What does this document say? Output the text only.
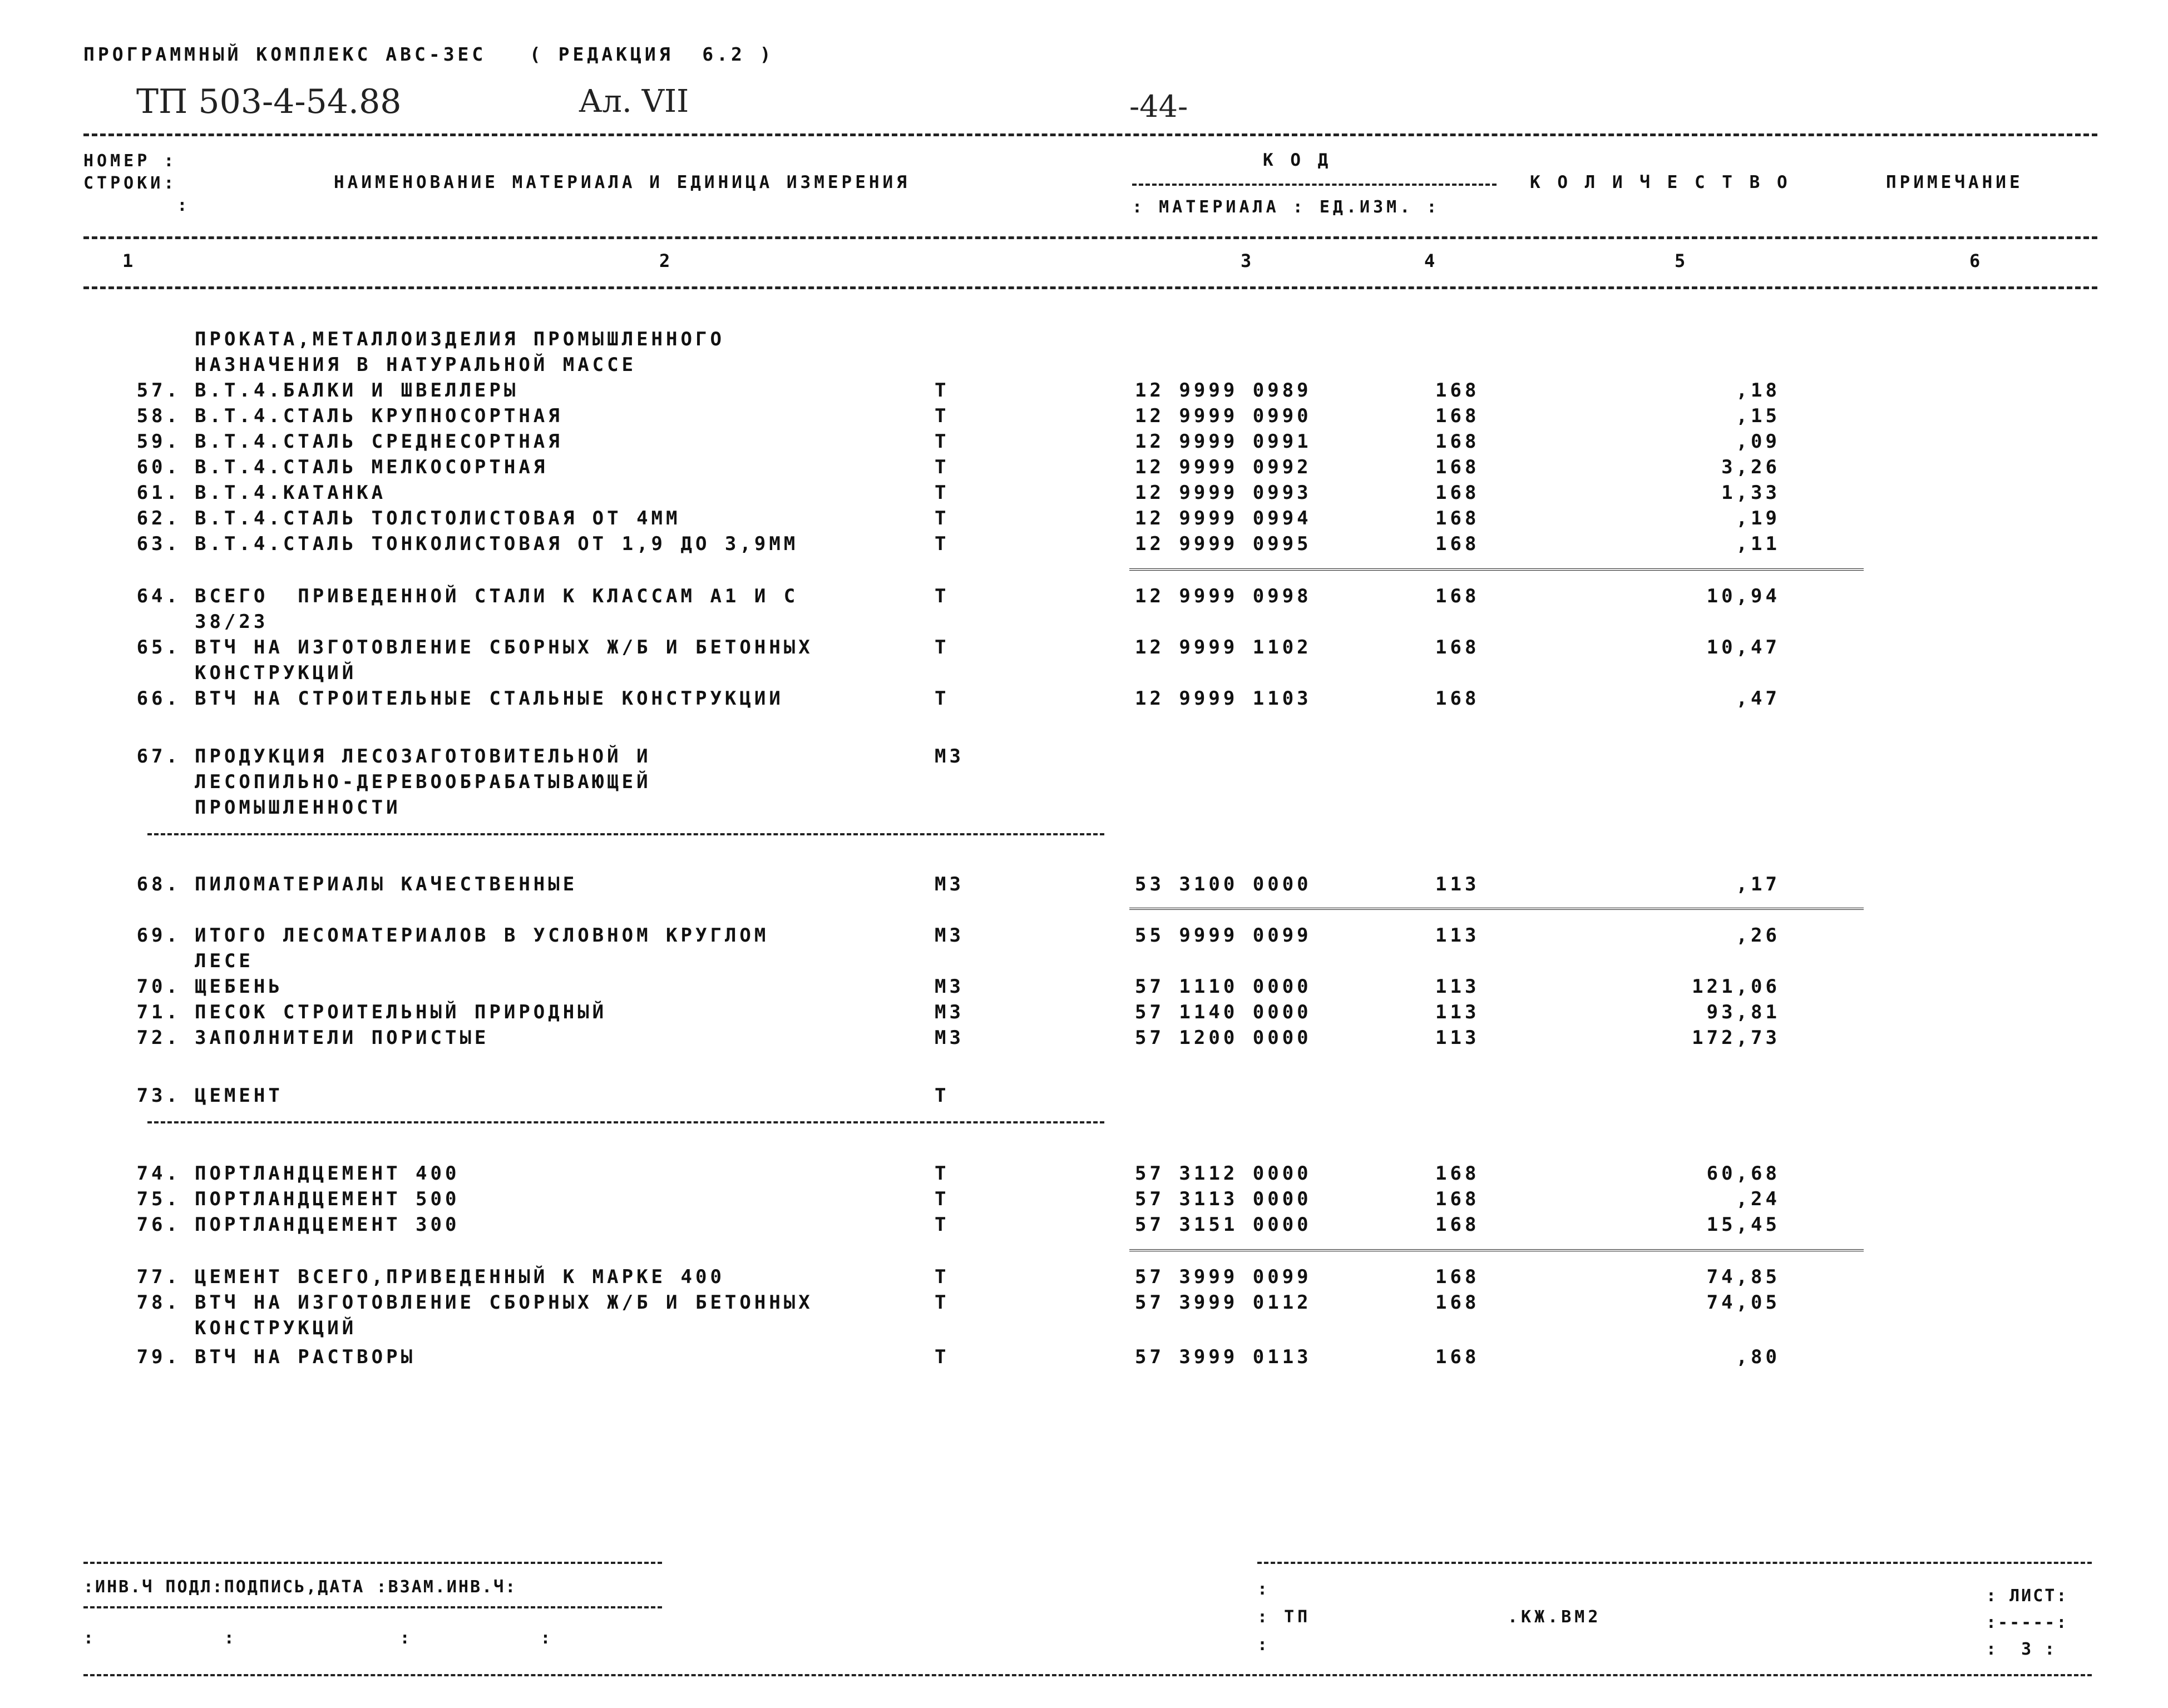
ПРОГРАММНЫЙ КОМПЛЕКС АВС-3ЕС   ( РЕДАКЦИЯ  6.2 )
ТП 503-4-54.88	Ал. VII	-44-
НОМЕР :
СТРОКИ:
:
НАИМЕНОВАНИЕ МАТЕРИАЛА И ЕДИНИЦА ИЗМЕРЕНИЯ
К О Д
: МАТЕРИАЛА : ЕД.ИЗМ. :
К О Л И Ч Е С Т В О	ПРИМЕЧАНИЕ
1	2	3	4	5	6
ПРОКАТА,МЕТАЛЛОИЗДЕЛИЯ ПРОМЫШЛЕННОГО
НАЗНАЧЕНИЯ В НАТУРАЛЬНОЙ МАССЕ
57. В.Т.4.БАЛКИ И ШВЕЛЛЕРЫ	Т	12 9999 0989	168	,18
58. В.Т.4.СТАЛЬ КРУПНОСОРТНАЯ	Т	12 9999 0990	168	,15
59. В.Т.4.СТАЛЬ СРЕДНЕСОРТНАЯ	Т	12 9999 0991	168	,09
60. В.Т.4.СТАЛЬ МЕЛКОСОРТНАЯ	Т	12 9999 0992	168	3,26
61. В.Т.4.КАТАНКА	Т	12 9999 0993	168	1,33
62. В.Т.4.СТАЛЬ ТОЛСТОЛИСТОВАЯ ОТ 4ММ	Т	12 9999 0994	168	,19
63. В.Т.4.СТАЛЬ ТОНКОЛИСТОВАЯ ОТ 1,9 ДО 3,9ММ	Т	12 9999 0995	168	,11
64. ВСЕГО  ПРИВЕДЕННОЙ СТАЛИ К КЛАССАМ А1 И С	Т	12 9999 0998	168	10,94
38/23
65. ВТЧ НА ИЗГОТОВЛЕНИЕ СБОРНЫХ Ж/Б И БЕТОННЫХ	Т	12 9999 1102	168	10,47
КОНСТРУКЦИЙ
66. ВТЧ НА СТРОИТЕЛЬНЫЕ СТАЛЬНЫЕ КОНСТРУКЦИИ	Т	12 9999 1103	168	,47
67. ПРОДУКЦИЯ ЛЕСОЗАГОТОВИТЕЛЬНОЙ И	М3
ЛЕСОПИЛЬНО-ДЕРЕВООБРАБАТЫВАЮЩЕЙ
ПРОМЫШЛЕННОСТИ
68. ПИЛОМАТЕРИАЛЫ КАЧЕСТВЕННЫЕ	М3	53 3100 0000	113	,17
69. ИТОГО ЛЕСОМАТЕРИАЛОВ В УСЛОВНОМ КРУГЛОМ	М3	55 9999 0099	113	,26
ЛЕСЕ
70. ЩЕБЕНЬ	М3	57 1110 0000	113	121,06
71. ПЕСОК СТРОИТЕЛЬНЫЙ ПРИРОДНЫЙ	М3	57 1140 0000	113	93,81
72. ЗАПОЛНИТЕЛИ ПОРИСТЫЕ	М3	57 1200 0000	113	172,73
73. ЦЕМЕНТ	Т
74. ПОРТЛАНДЦЕМЕНТ 400	Т	57 3112 0000	168	60,68
75. ПОРТЛАНДЦЕМЕНТ 500	Т	57 3113 0000	168	,24
76. ПОРТЛАНДЦЕМЕНТ 300	Т	57 3151 0000	168	15,45
77. ЦЕМЕНТ ВСЕГО,ПРИВЕДЕННЫЙ К МАРКЕ 400	Т	57 3999 0099	168	74,85
78. ВТЧ НА ИЗГОТОВЛЕНИЕ СБОРНЫХ Ж/Б И БЕТОННЫХ	Т	57 3999 0112	168	74,05
КОНСТРУКЦИЙ
79. ВТЧ НА РАСТВОРЫ	Т	57 3999 0113	168	,80
:ИНВ.Ч ПОДЛ:ПОДПИСЬ,ДАТА :ВЗАМ.ИНВ.Ч:
:           :              :           :
:
: ТП
:
.КЖ.ВМ2
: ЛИСТ:
:-----:
:  3 :
